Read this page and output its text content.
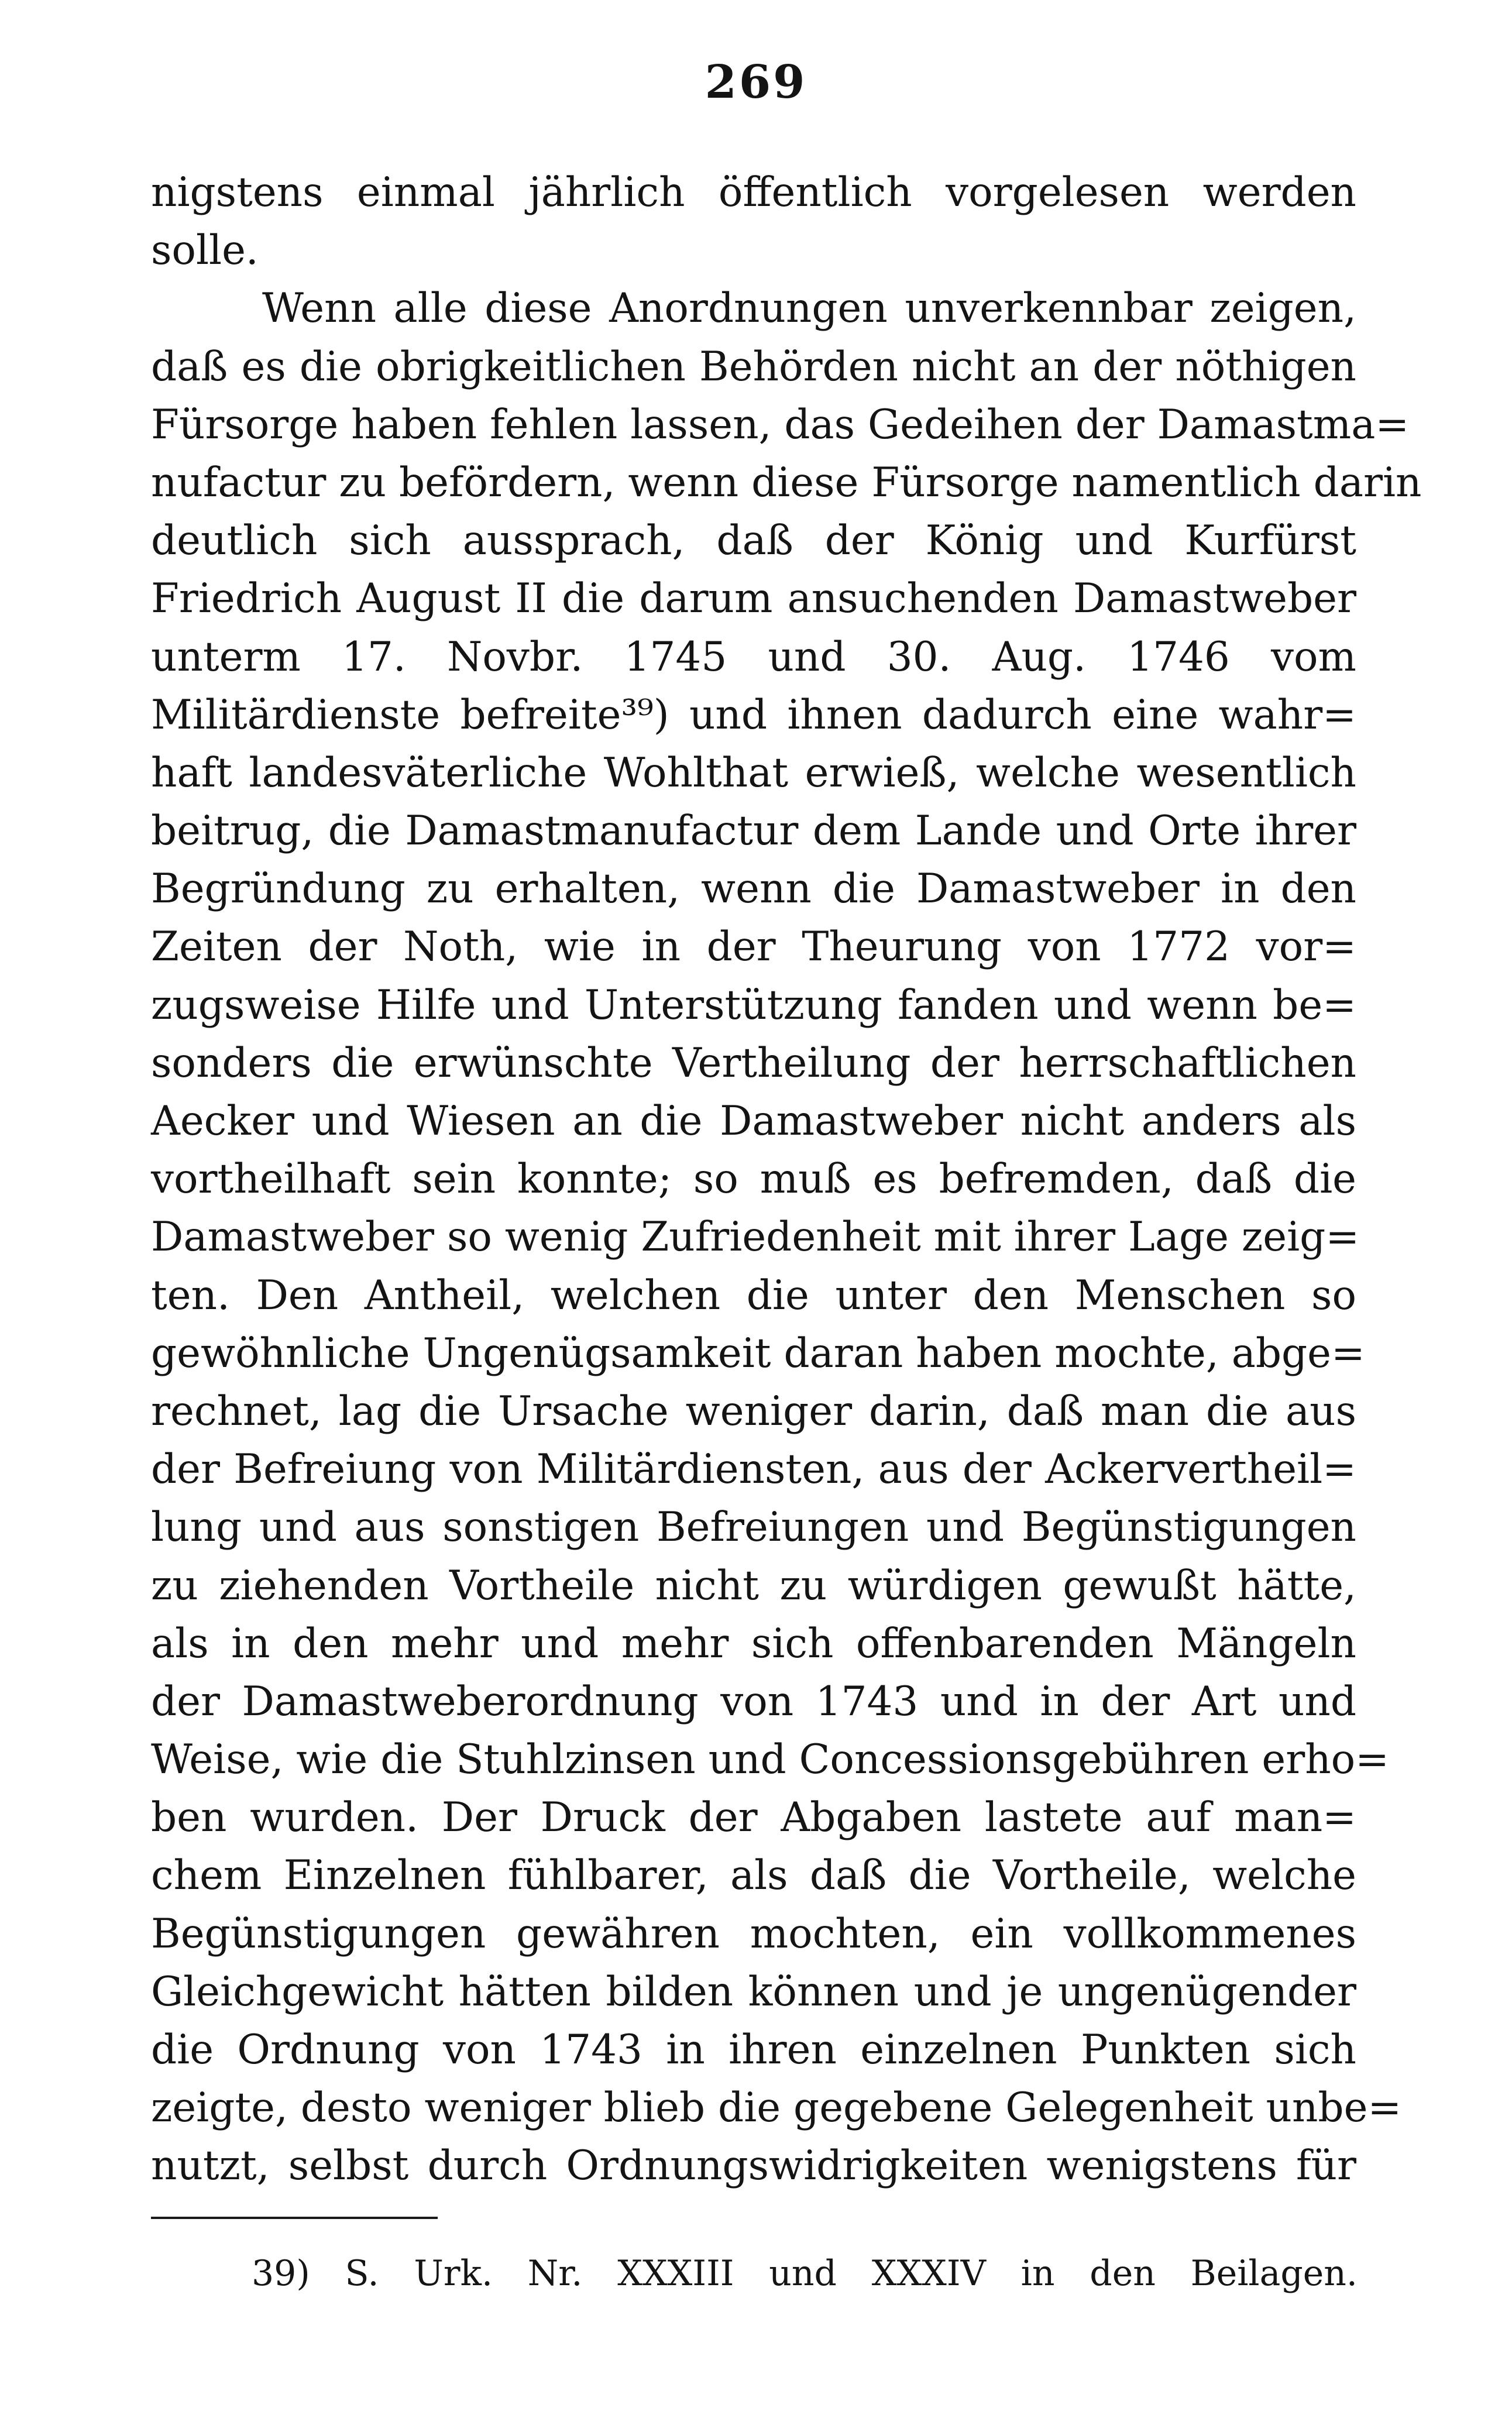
269
nigstens einmal jährlich öffentlich vorgelesen werden
solle.
Wenn alle diese Anordnungen unverkennbar zeigen,
daß es die obrigkeitlichen Behörden nicht an der nöthigen
Fürsorge haben fehlen lassen, das Gedeihen der Damastma=
nufactur zu befördern, wenn diese Fürsorge namentlich darin
deutlich sich aussprach, daß der König und Kurfürst
Friedrich August II die darum ansuchenden Damastweber
unterm 17. Novbr. 1745 und 30. Aug. 1746 vom
Militärdienste befreite³⁹) und ihnen dadurch eine wahr=
haft landesväterliche Wohlthat erwieß, welche wesentlich
beitrug, die Damastmanufactur dem Lande und Orte ihrer
Begründung zu erhalten, wenn die Damastweber in den
Zeiten der Noth, wie in der Theurung von 1772 vor=
zugsweise Hilfe und Unterstützung fanden und wenn be=
sonders die erwünschte Vertheilung der herrschaftlichen
Aecker und Wiesen an die Damastweber nicht anders als
vortheilhaft sein konnte; so muß es befremden, daß die
Damastweber so wenig Zufriedenheit mit ihrer Lage zeig=
ten. Den Antheil, welchen die unter den Menschen so
gewöhnliche Ungenügsamkeit daran haben mochte, abge=
rechnet, lag die Ursache weniger darin, daß man die aus
der Befreiung von Militärdiensten, aus der Ackervertheil=
lung und aus sonstigen Befreiungen und Begünstigungen
zu ziehenden Vortheile nicht zu würdigen gewußt hätte,
als in den mehr und mehr sich offenbarenden Mängeln
der Damastweberordnung von 1743 und in der Art und
Weise, wie die Stuhlzinsen und Concessionsgebühren erho=
ben wurden. Der Druck der Abgaben lastete auf man=
chem Einzelnen fühlbarer, als daß die Vortheile, welche
Begünstigungen gewähren mochten, ein vollkommenes
Gleichgewicht hätten bilden können und je ungenügender
die Ordnung von 1743 in ihren einzelnen Punkten sich
zeigte, desto weniger blieb die gegebene Gelegenheit unbe=
nutzt, selbst durch Ordnungswidrigkeiten wenigstens für
39) S. Urk. Nr. XXXIII und XXXIV in den Beilagen.
